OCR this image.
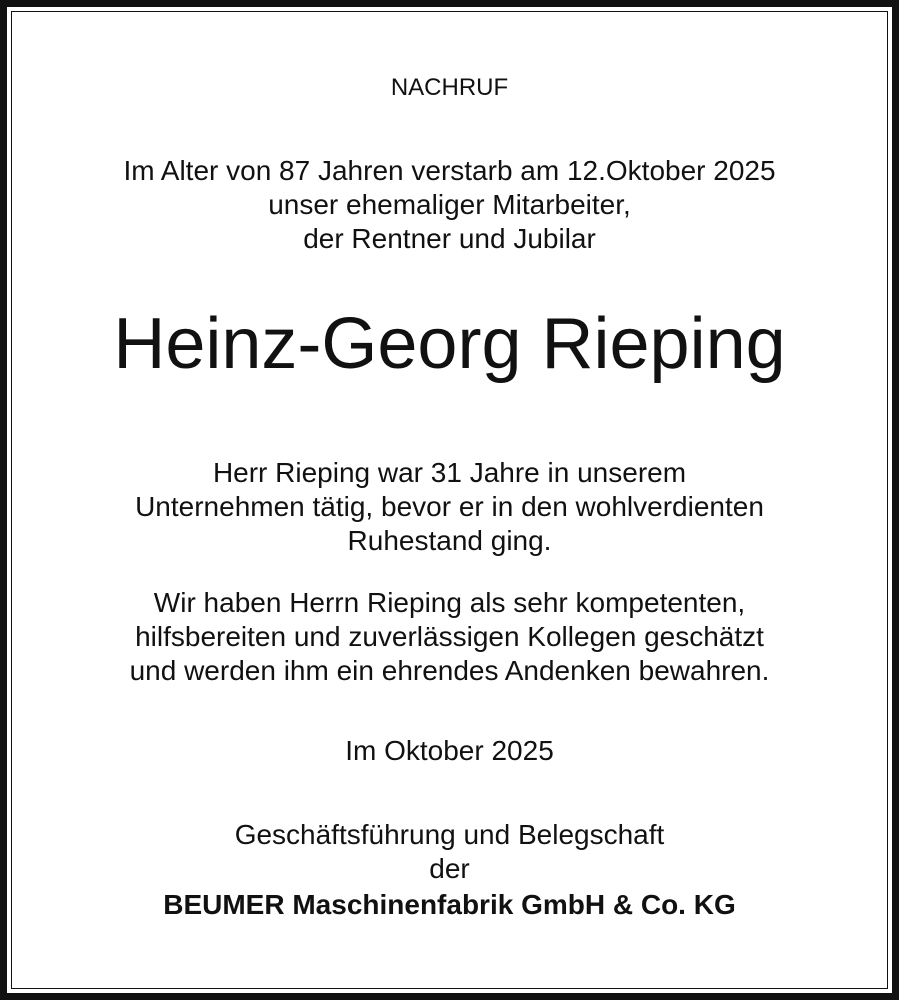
NACHRUF
Im Alter von 87 Jahren verstarb am 12.Oktober 2025
unser ehemaliger Mitarbeiter,
der Rentner und Jubilar
Heinz-Georg Rieping
Herr Rieping war 31 Jahre in unserem
Unternehmen tätig, bevor er in den wohlverdienten
Ruhestand ging.
Wir haben Herrn Rieping als sehr kompetenten,
hilfsbereiten und zuverlässigen Kollegen geschätzt
und werden ihm ein ehrendes Andenken bewahren.
Im Oktober 2025
Geschäftsführung und Belegschaft
der
BEUMER Maschinenfabrik GmbH & Co. KG
